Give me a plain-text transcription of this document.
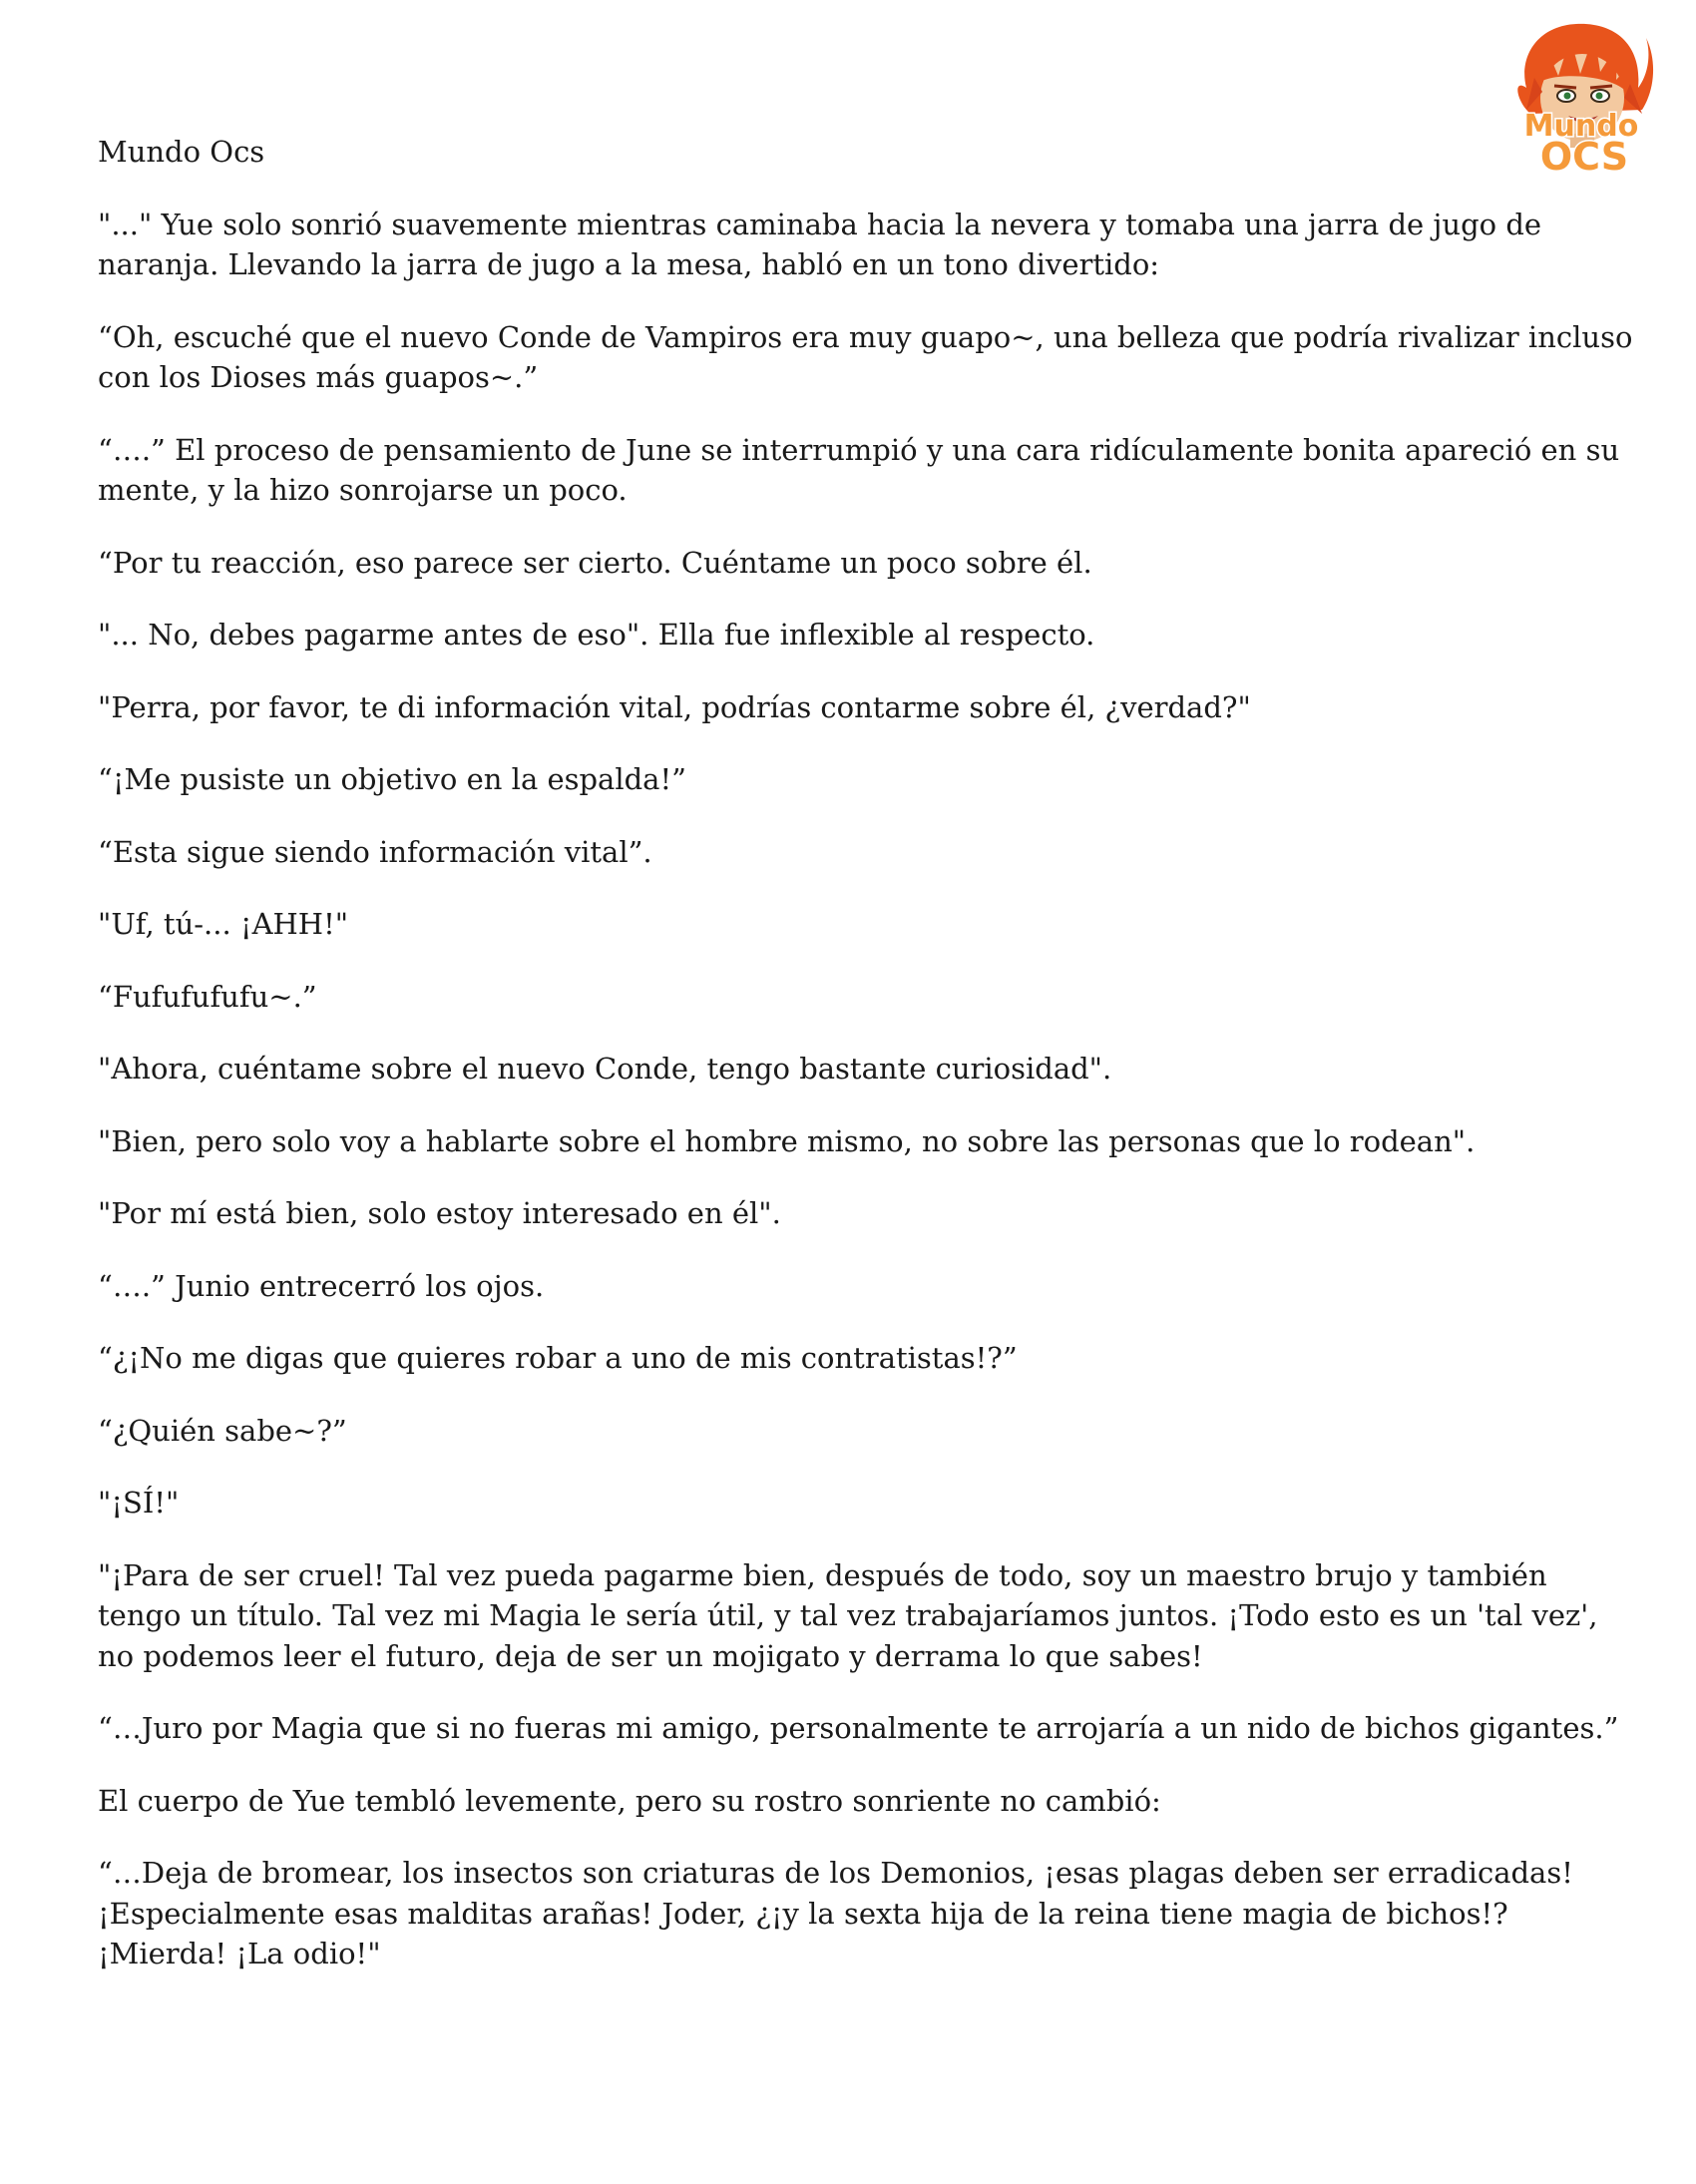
Mundo
OCS

Mundo Ocs

"..." Yue solo sonrió suavemente mientras caminaba hacia la nevera y tomaba una jarra de jugo de naranja. Llevando la jarra de jugo a la mesa, habló en un tono divertido:

“Oh, escuché que el nuevo Conde de Vampiros era muy guapo~, una belleza que podría rivalizar incluso con los Dioses más guapos~.”

“….” El proceso de pensamiento de June se interrumpió y una cara ridículamente bonita apareció en su mente, y la hizo sonrojarse un poco.

“Por tu reacción, eso parece ser cierto. Cuéntame un poco sobre él.

"... No, debes pagarme antes de eso". Ella fue inflexible al respecto.

"Perra, por favor, te di información vital, podrías contarme sobre él, ¿verdad?"

“¡Me pusiste un objetivo en la espalda!”

“Esta sigue siendo información vital”.

"Uf, tú-... ¡AHH!"

“Fufufufufu~.”

"Ahora, cuéntame sobre el nuevo Conde, tengo bastante curiosidad".

"Bien, pero solo voy a hablarte sobre el hombre mismo, no sobre las personas que lo rodean".

"Por mí está bien, solo estoy interesado en él".

“….” Junio entrecerró los ojos.

“¿¡No me digas que quieres robar a uno de mis contratistas!?”

“¿Quién sabe~?”

"¡SÍ!"

"¡Para de ser cruel! Tal vez pueda pagarme bien, después de todo, soy un maestro brujo y también tengo un título. Tal vez mi Magia le sería útil, y tal vez trabajaríamos juntos. ¡Todo esto es un 'tal vez', no podemos leer el futuro, deja de ser un mojigato y derrama lo que sabes!

“…Juro por Magia que si no fueras mi amigo, personalmente te arrojaría a un nido de bichos gigantes.”

El cuerpo de Yue tembló levemente, pero su rostro sonriente no cambió:

“…Deja de bromear, los insectos son criaturas de los Demonios, ¡esas plagas deben ser erradicadas! ¡Especialmente esas malditas arañas! Joder, ¿¡y la sexta hija de la reina tiene magia de bichos!? ¡Mierda! ¡La odio!"
